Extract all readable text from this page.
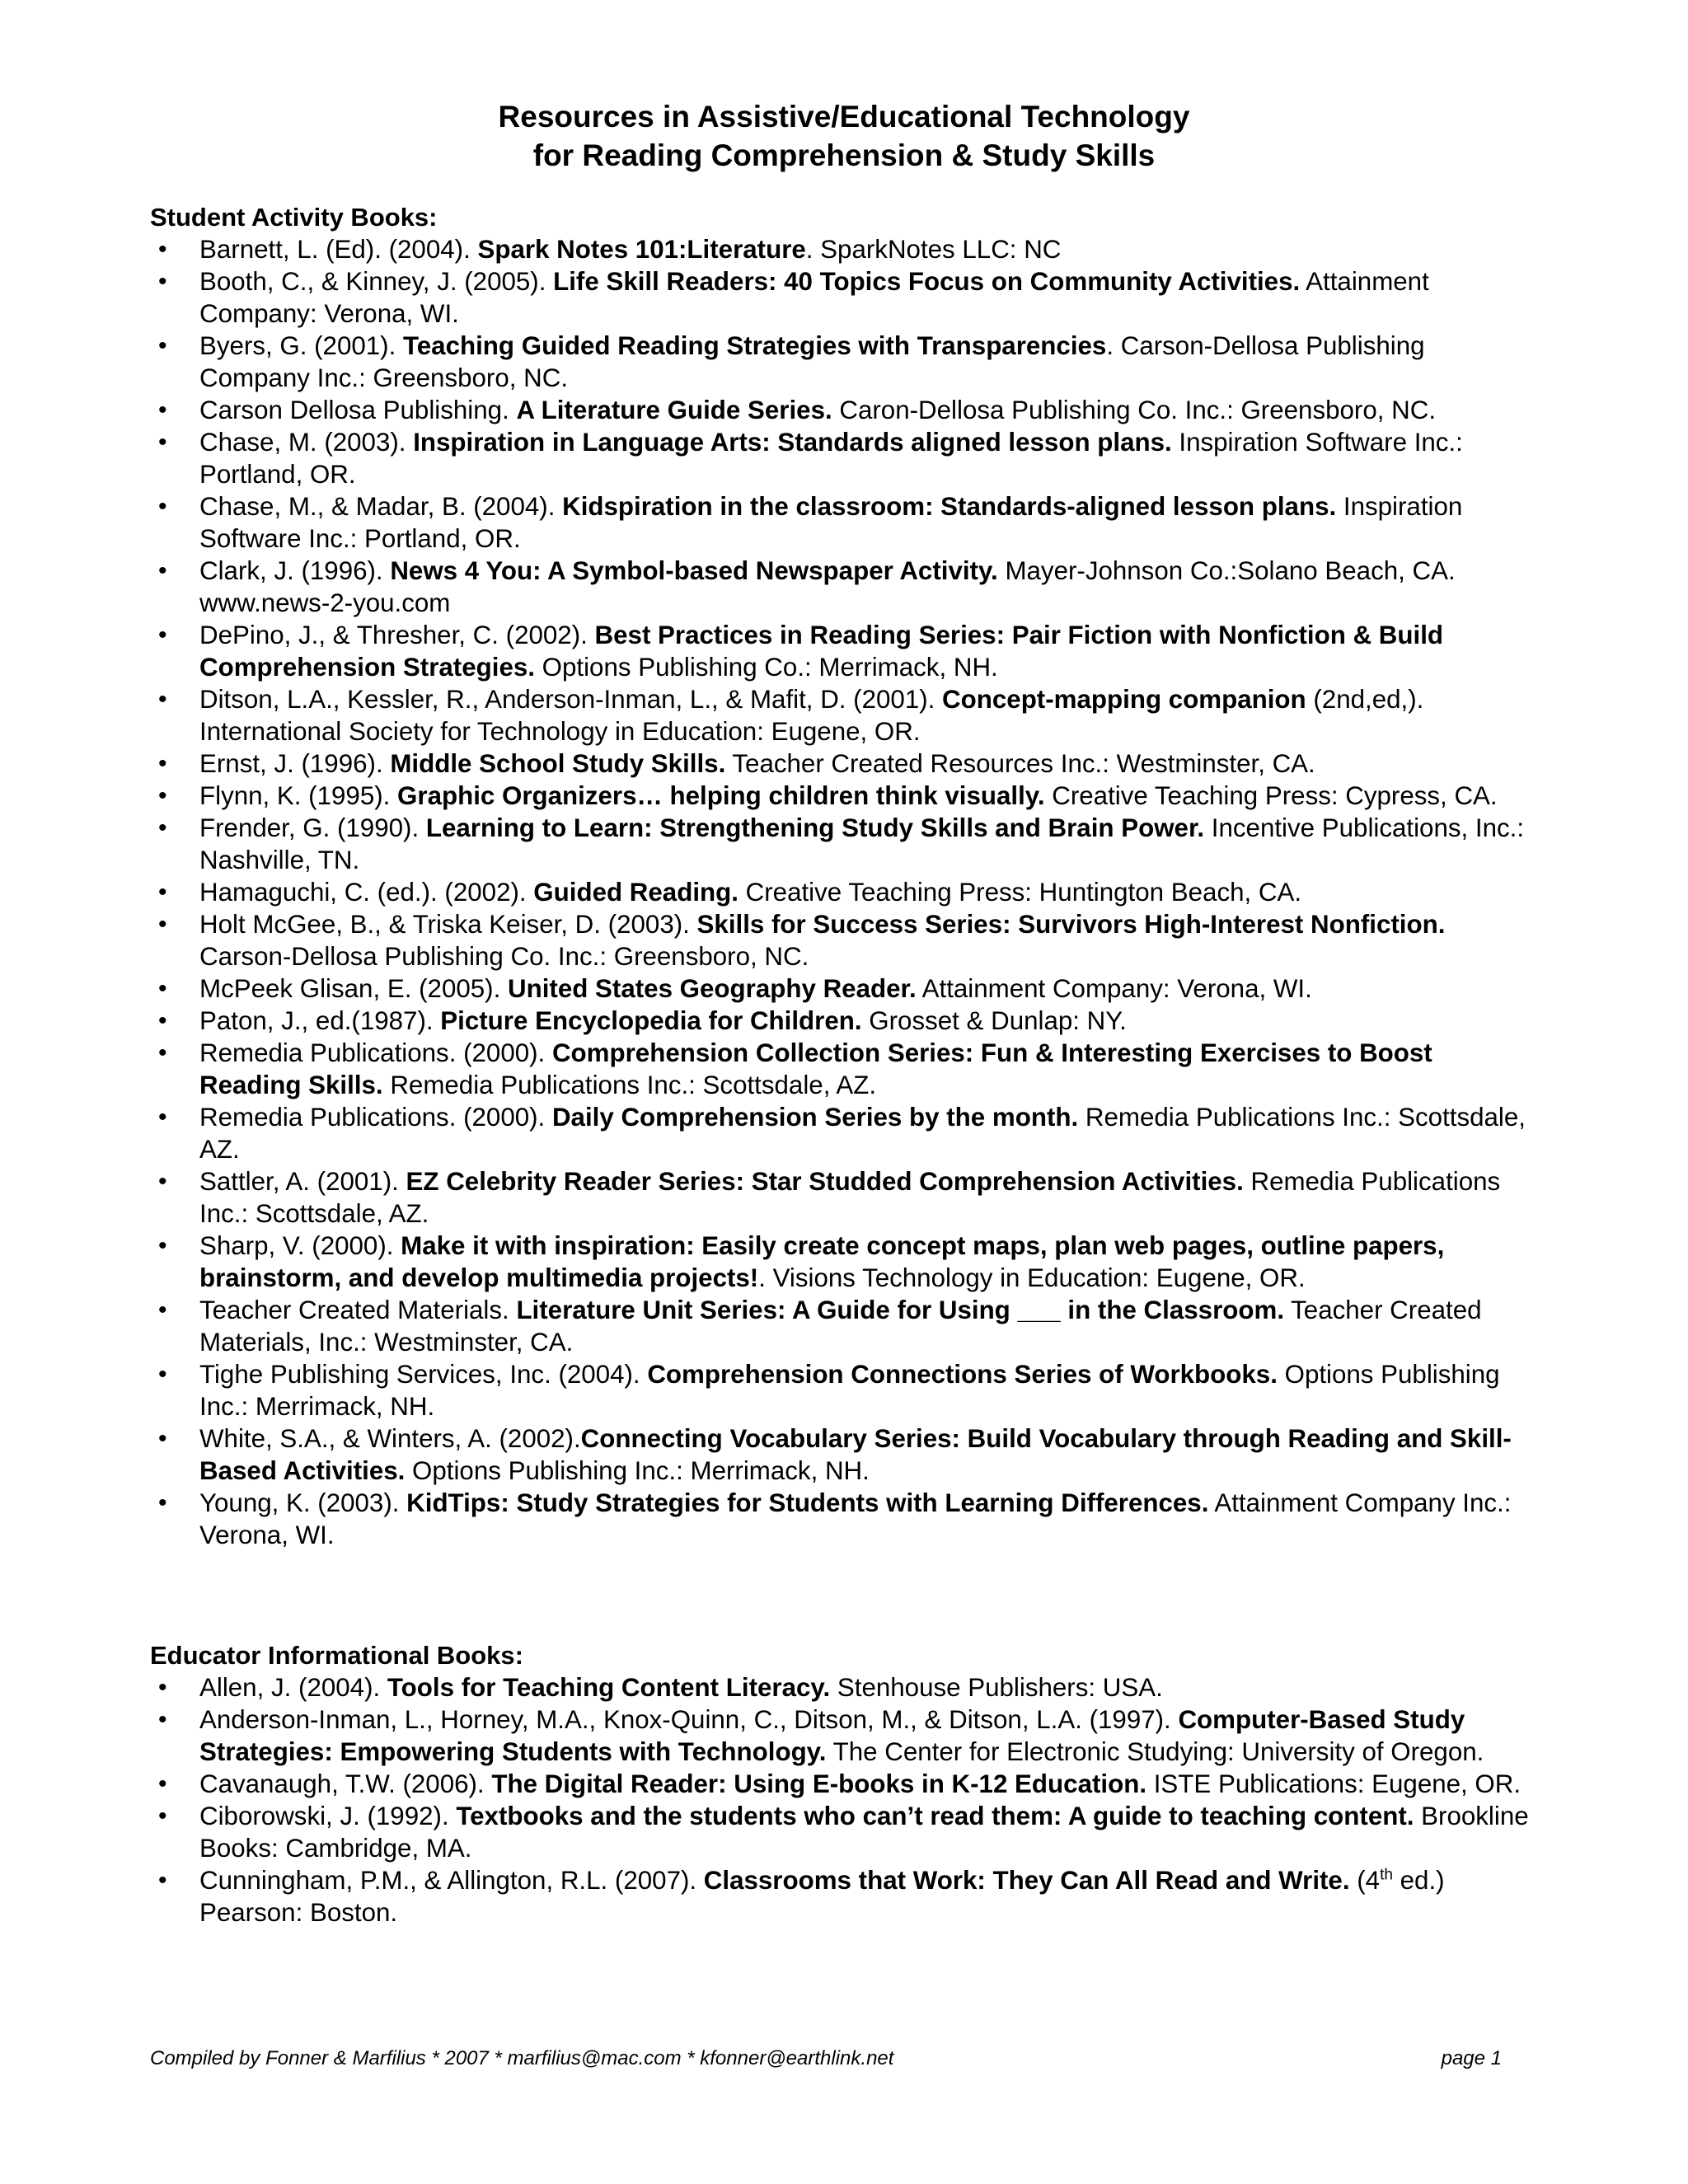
Resources in Assistive/Educational Technology
for Reading Comprehension & Study Skills
Student Activity Books:
• Barnett, L. (Ed). (2004). Spark Notes 101:Literature. SparkNotes LLC: NC
• Booth, C., & Kinney, J. (2005). Life Skill Readers: 40 Topics Focus on Community Activities. Attainment Company: Verona, WI.
• Byers, G. (2001). Teaching Guided Reading Strategies with Transparencies. Carson-Dellosa Publishing Company Inc.: Greensboro, NC.
• Carson Dellosa Publishing. A Literature Guide Series. Caron-Dellosa Publishing Co. Inc.: Greensboro, NC.
• Chase, M. (2003). Inspiration in Language Arts: Standards aligned lesson plans. Inspiration Software Inc.: Portland, OR.
• Chase, M., & Madar, B. (2004). Kidspiration in the classroom: Standards-aligned lesson plans. Inspiration Software Inc.: Portland, OR.
• Clark, J. (1996). News 4 You: A Symbol-based Newspaper Activity. Mayer-Johnson Co.:Solano Beach, CA. www.news-2-you.com
• DePino, J., & Thresher, C. (2002). Best Practices in Reading Series: Pair Fiction with Nonfiction & Build Comprehension Strategies. Options Publishing Co.: Merrimack, NH.
• Ditson, L.A., Kessler, R., Anderson-Inman, L., & Mafit, D. (2001). Concept-mapping companion (2nd,ed,). International Society for Technology in Education: Eugene, OR.
• Ernst, J. (1996). Middle School Study Skills. Teacher Created Resources Inc.: Westminster, CA.
• Flynn, K. (1995). Graphic Organizers… helping children think visually. Creative Teaching Press: Cypress, CA.
• Frender, G. (1990). Learning to Learn: Strengthening Study Skills and Brain Power. Incentive Publications, Inc.: Nashville, TN.
• Hamaguchi, C. (ed.). (2002). Guided Reading. Creative Teaching Press: Huntington Beach, CA.
• Holt McGee, B., & Triska Keiser, D. (2003). Skills for Success Series: Survivors High-Interest Nonfiction. Carson-Dellosa Publishing Co. Inc.: Greensboro, NC.
• McPeek Glisan, E. (2005). United States Geography Reader. Attainment Company: Verona, WI.
• Paton, J., ed.(1987). Picture Encyclopedia for Children. Grosset & Dunlap: NY.
• Remedia Publications. (2000). Comprehension Collection Series: Fun & Interesting Exercises to Boost Reading Skills. Remedia Publications Inc.: Scottsdale, AZ.
• Remedia Publications. (2000). Daily Comprehension Series by the month. Remedia Publications Inc.: Scottsdale, AZ.
• Sattler, A. (2001). EZ Celebrity Reader Series: Star Studded Comprehension Activities. Remedia Publications Inc.: Scottsdale, AZ.
• Sharp, V. (2000). Make it with inspiration: Easily create concept maps, plan web pages, outline papers, brainstorm, and develop multimedia projects!. Visions Technology in Education: Eugene, OR.
• Teacher Created Materials. Literature Unit Series: A Guide for Using ___ in the Classroom. Teacher Created Materials, Inc.: Westminster, CA.
• Tighe Publishing Services, Inc. (2004). Comprehension Connections Series of Workbooks. Options Publishing Inc.: Merrimack, NH.
• White, S.A., & Winters, A. (2002).Connecting Vocabulary Series: Build Vocabulary through Reading and Skill-Based Activities. Options Publishing Inc.: Merrimack, NH.
• Young, K. (2003). KidTips: Study Strategies for Students with Learning Differences. Attainment Company Inc.: Verona, WI.
Educator Informational Books:
• Allen, J. (2004). Tools for Teaching Content Literacy. Stenhouse Publishers: USA.
• Anderson-Inman, L., Horney, M.A., Knox-Quinn, C., Ditson, M., & Ditson, L.A. (1997). Computer-Based Study Strategies: Empowering Students with Technology. The Center for Electronic Studying: University of Oregon.
• Cavanaugh, T.W. (2006). The Digital Reader: Using E-books in K-12 Education. ISTE Publications: Eugene, OR.
• Ciborowski, J. (1992). Textbooks and the students who can’t read them: A guide to teaching content. Brookline Books: Cambridge, MA.
• Cunningham, P.M., & Allington, R.L. (2007). Classrooms that Work: They Can All Read and Write. (4th ed.) Pearson: Boston.
Compiled by Fonner & Marfilius * 2007 * marfilius@mac.com * kfonner@earthlink.net	page 1
